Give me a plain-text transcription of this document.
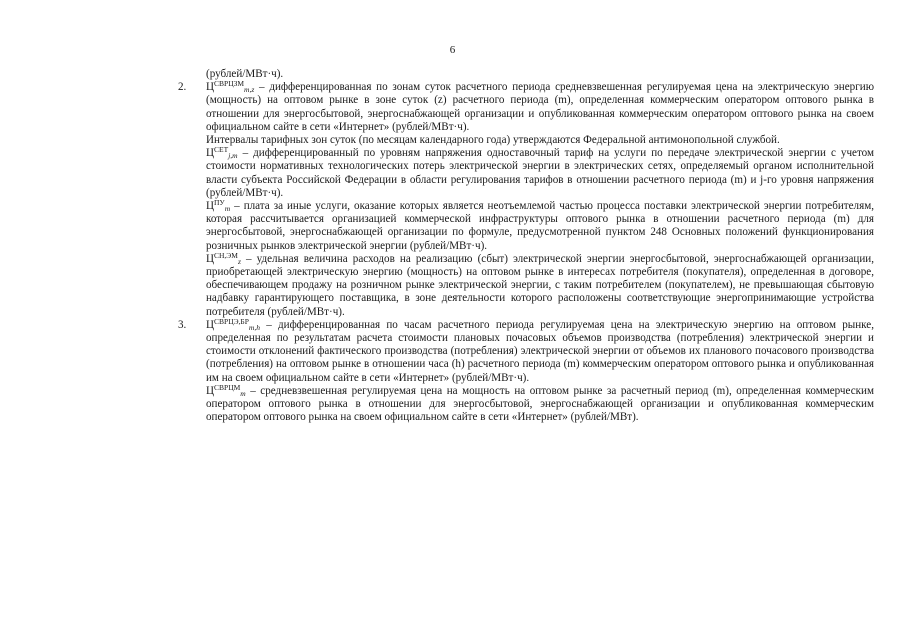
6

(рублей/МВт·ч).

2. $Ц^{СВРЦЗМ}_{m,z}$ – дифференцированная по зонам суток расчетного периода средневзвешенная регулируемая цена на электрическую энергию (мощность) на оптовом рынке в зоне суток (z) расчетного периода (m), определенная коммерческим оператором оптового рынка в отношении для энергосбытовой, энергоснабжающей организации и опубликованная коммерческим оператором оптового рынка на своем официальном сайте в сети «Интернет» (рублей/МВт·ч).

Интервалы тарифных зон суток (по месяцам календарного года) утверждаются Федеральной антимонопольной службой.

$Ц^{СЕТ}_{j,m}$ – дифференцированный по уровням напряжения одноставочный тариф на услуги по передаче электрической энергии с учетом стоимости нормативных технологических потерь электрической энергии в электрических сетях, определяемый органом исполнительной власти субъекта Российской Федерации в области регулирования тарифов в отношении расчетного периода (m) и j-го уровня напряжения (рублей/МВт·ч).

$Ц^{ПУ}_m$ – плата за иные услуги, оказание которых является неотъемлемой частью процесса поставки электрической энергии потребителям, которая рассчитывается организацией коммерческой инфраструктуры оптового рынка в отношении расчетного периода (m) для энергосбытовой, энергоснабжающей организации по формуле, предусмотренной пунктом 248 Основных положений функционирования розничных рынков электрической энергии (рублей/МВт·ч).

$Ц^{СН,ЭМ}_z$ – удельная величина расходов на реализацию (сбыт) электрической энергии энергосбытовой, энергоснабжающей организации, приобретающей электрическую энергию (мощность) на оптовом рынке в интересах потребителя (покупателя), определенная в договоре, обеспечивающем продажу на розничном рынке электрической энергии, с таким потребителем (покупателем), не превышающая сбытовую надбавку гарантирующего поставщика, в зоне деятельности которого расположены соответствующие энергопринимающие устройства потребителя (рублей/МВт·ч).

3. $Ц^{СВРЦЭ,БР}_{m,h}$ – дифференцированная по часам расчетного периода регулируемая цена на электрическую энергию на оптовом рынке, определенная по результатам расчета стоимости плановых почасовых объемов производства (потребления) электрической энергии и стоимости отклонений фактического производства (потребления) электрической энергии от объемов их планового почасового производства (потребления) на оптовом рынке в отношении часа (h) расчетного периода (m) коммерческим оператором оптового рынка и опубликованная им на своем официальном сайте в сети «Интернет» (рублей/МВт·ч).

$Ц^{СВРЦМ}_m$ – средневзвешенная регулируемая цена на мощность на оптовом рынке за расчетный период (m), определенная коммерческим оператором оптового рынка в отношении для энергосбытовой, энергоснабжающей организации и опубликованная коммерческим оператором оптового рынка на своем официальном сайте в сети «Интернет» (рублей/МВт).
